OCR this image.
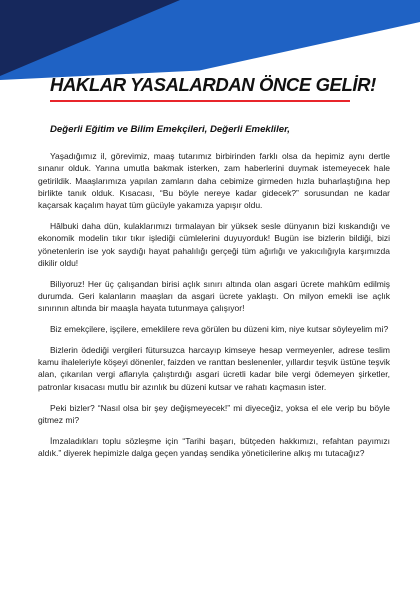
HAKLAR YASALARDAN ÖNCE GELİR!

Değerli Eğitim ve Bilim Emekçileri, Değerli Emekliler,

Yaşadığımız il, görevimiz, maaş tutarımız birbirinden farklı olsa da hepimiz aynı dertle sınanır olduk. Yarına umutla bakmak isterken, zam haberlerini duymak istemeyecek hale getirildik. Maaşlarımıza yapılan zamların daha cebimize girmeden hızla buharlaştığına hep birlikte tanık olduk. Kısacası, “Bu böyle nereye kadar gidecek?” sorusundan ne kadar kaçarsak kaçalım hayat tüm gücüyle yakamıza yapışır oldu.

Hâlbuki daha dün, kulaklarımızı tırmalayan bir yüksek sesle dünyanın bizi kıskandığı ve ekonomik modelin tıkır tıkır işlediği cümlelerini duyuyorduk! Bugün ise bizlerin bildiği, bizi yönetenlerin ise yok saydığı hayat pahalılığı gerçeği tüm ağırlığı ve yakıcılığıyla karşımızda dikilir oldu!

Biliyoruz! Her üç çalışandan birisi açlık sınırı altında olan asgari ücrete mahkûm edilmiş durumda. Geri kalanların maaşları da asgari ücrete yaklaştı. On milyon emekli ise açlık sınırının altında bir maaşla hayata tutunmaya çalışıyor!

Biz emekçilere, işçilere, emeklilere reva görülen bu düzeni kim, niye kutsar söyleyelim mi?

Bizlerin ödediği vergileri fütursuzca harcayıp kimseye hesap vermeyenler, adrese teslim kamu ihaleleriyle köşeyi dönenler, faizden ve ranttan beslenenler, yıllardır teşvik üstüne teşvik alan, çıkarılan vergi aflarıyla çalıştırdığı asgari ücretli kadar bile vergi ödemeyen şirketler, patronlar kısacası mutlu bir azınlık bu düzeni kutsar ve rahatı kaçmasın ister.

Peki bizler? “Nasıl olsa bir şey değişmeyecek!” mi diyeceğiz, yoksa el ele verip bu böyle gitmez mi?

İmzaladıkları toplu sözleşme için “Tarihi başarı, bütçeden hakkımızı, refahtan payımızı aldık.” diyerek hepimizle dalga geçen yandaş sendika yöneticilerine alkış mı tutacağız?
